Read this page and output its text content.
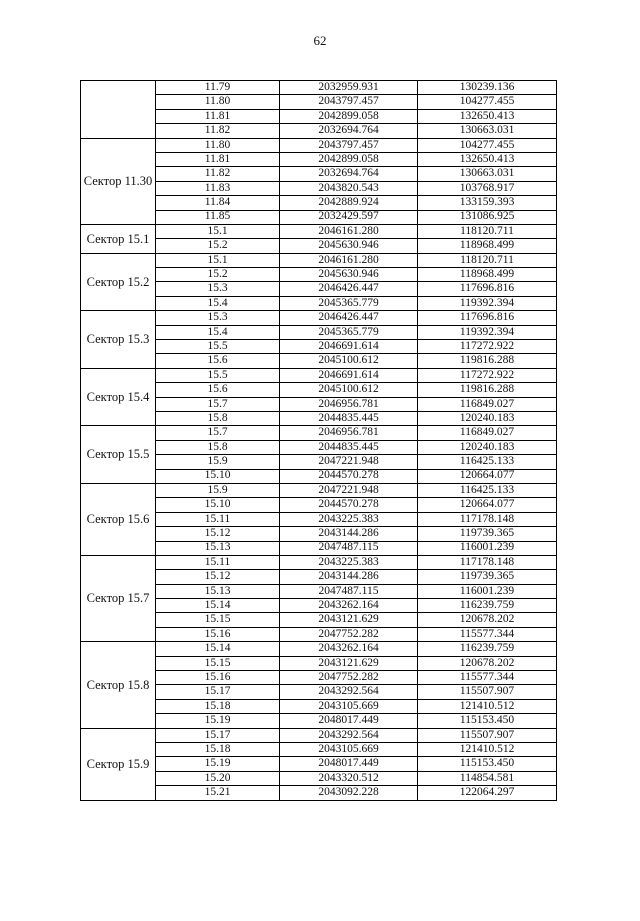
62
	11.79	2032959.931	130239.136
	11.80	2043797.457	104277.455
	11.81	2042899.058	132650.413
	11.82	2032694.764	130663.031
Сектор 11.30	11.80	2043797.457	104277.455
	11.81	2042899.058	132650.413
	11.82	2032694.764	130663.031
	11.83	2043820.543	103768.917
	11.84	2042889.924	133159.393
	11.85	2032429.597	131086.925
Сектор 15.1	15.1	2046161.280	118120.711
	15.2	2045630.946	118968.499
Сектор 15.2	15.1	2046161.280	118120.711
	15.2	2045630.946	118968.499
	15.3	2046426.447	117696.816
	15.4	2045365.779	119392.394
Сектор 15.3	15.3	2046426.447	117696.816
	15.4	2045365.779	119392.394
	15.5	2046691.614	117272.922
	15.6	2045100.612	119816.288
Сектор 15.4	15.5	2046691.614	117272.922
	15.6	2045100.612	119816.288
	15.7	2046956.781	116849.027
	15.8	2044835.445	120240.183
Сектор 15.5	15.7	2046956.781	116849.027
	15.8	2044835.445	120240.183
	15.9	2047221.948	116425.133
	15.10	2044570.278	120664.077
Сектор 15.6	15.9	2047221.948	116425.133
	15.10	2044570.278	120664.077
	15.11	2043225.383	117178.148
	15.12	2043144.286	119739.365
	15.13	2047487.115	116001.239
Сектор 15.7	15.11	2043225.383	117178.148
	15.12	2043144.286	119739.365
	15.13	2047487.115	116001.239
	15.14	2043262.164	116239.759
	15.15	2043121.629	120678.202
	15.16	2047752.282	115577.344
Сектор 15.8	15.14	2043262.164	116239.759
	15.15	2043121.629	120678.202
	15.16	2047752.282	115577.344
	15.17	2043292.564	115507.907
	15.18	2043105.669	121410.512
	15.19	2048017.449	115153.450
Сектор 15.9	15.17	2043292.564	115507.907
	15.18	2043105.669	121410.512
	15.19	2048017.449	115153.450
	15.20	2043320.512	114854.581
	15.21	2043092.228	122064.297
